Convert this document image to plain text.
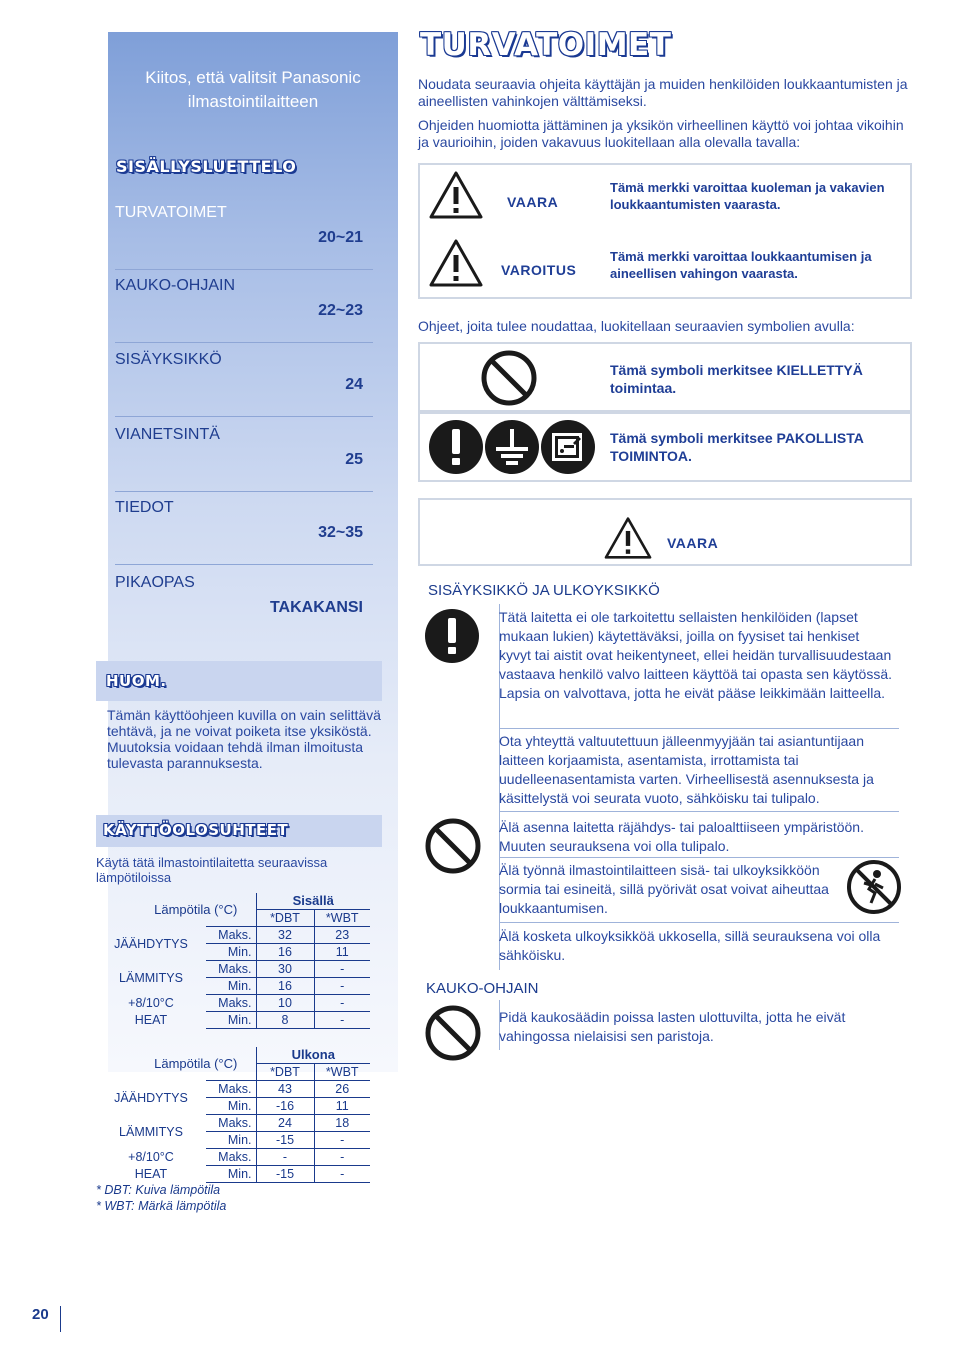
Kiitos, että valitsit Panasonic
ilmastointilaitteen
SISÄLLYSLUETTELO
TURVATOIMET
20~21
KAUKO-OHJAIN
22~23
SISÄYKSIKKÖ
24
VIANETSINTÄ
25
TIEDOT
32~35
PIKAOPAS
TAKAKANSI
HUOM.
Tämän käyttöohjeen kuvilla on vain selittävä tehtävä, ja ne voivat poiketa itse yksiköstä. Muutoksia voidaan tehdä ilman ilmoitusta tulevasta parannuksesta.
KÄYTTÖOLOSUHTEET
Käytä tätä ilmastointilaitetta seuraavissa lämpötiloissa
Lämpötila (°C)		Sisällä	
		*DBT	*WBT
JÄÄHDYTYS	Maks.	32	23
	Min.	16	11
LÄMMITYS	Maks.	30	-
	Min.	16	-
+8/10°C	Maks.	10	-
HEAT	Min.	8	-
Lämpötila (°C)		Ulkona	
		*DBT	*WBT
JÄÄHDYTYS	Maks.	43	26
	Min.	-16	11
LÄMMITYS	Maks.	24	18
	Min.	-15	-
+8/10°C	Maks.	-	-
HEAT	Min.	-15	-
* DBT: Kuiva lämpötila
* WBT: Märkä lämpötila
20
TURVATOIMET
Noudata seuraavia ohjeita käyttäjän ja muiden henkilöiden loukkaantumisten ja aineellisten vahinkojen välttämiseksi.
Ohjeiden huomiotta jättäminen ja yksikön virheellinen käyttö voi johtaa vikoihin ja vaurioihin, joiden vakavuus luokitellaan alla olevalla tavalla:
VAARA
Tämä merkki varoittaa kuoleman ja vakavien loukkaantumisten vaarasta.
VAROITUS
Tämä merkki varoittaa loukkaantumisen ja aineellisen vahingon vaarasta.
Ohjeet, joita tulee noudattaa, luokitellaan seuraavien symbolien avulla:
Tämä symboli merkitsee KIELLETTYÄ toimintaa.
Tämä symboli merkitsee PAKOLLISTA TOIMINTOA.
VAARA
SISÄYKSIKKÖ JA ULKOYKSIKKÖ
Tätä laitetta ei ole tarkoitettu sellaisten henkilöiden (lapset mukaan lukien) käytettäväksi, joilla on fyysiset tai henkiset kyvyt tai aistit ovat heikentyneet, ellei heidän turvallisuudestaan vastaava henkilö valvo laitteen käyttöä tai opasta sen käytössä. Lapsia on valvottava, jotta he eivät pääse leikkimään laitteella.
Ota yhteyttä valtuutettuun jälleenmyyjään tai asiantuntijaan laitteen korjaamista, asentamista, irrottamista tai uudelleenasentamista varten. Virheellisestä asennuksesta ja käsittelystä voi seurata vuoto, sähköisku tai tulipalo.
Älä asenna laitetta räjähdys- tai paloalttiiseen ympäristöön. Muuten seurauksena voi olla tulipalo.
Älä työnnä ilmastointilaitteen sisä- tai ulkoyksikköön sormia tai esineitä, sillä pyörivät osat voivat aiheuttaa loukkaantumisen.
Älä kosketa ulkoyksikköä ukkosella, sillä seurauksena voi olla sähköisku.
KAUKO-OHJAIN
Pidä kaukosäädin poissa lasten ulottuvilta, jotta he eivät vahingossa nielaisisi sen paristoja.
